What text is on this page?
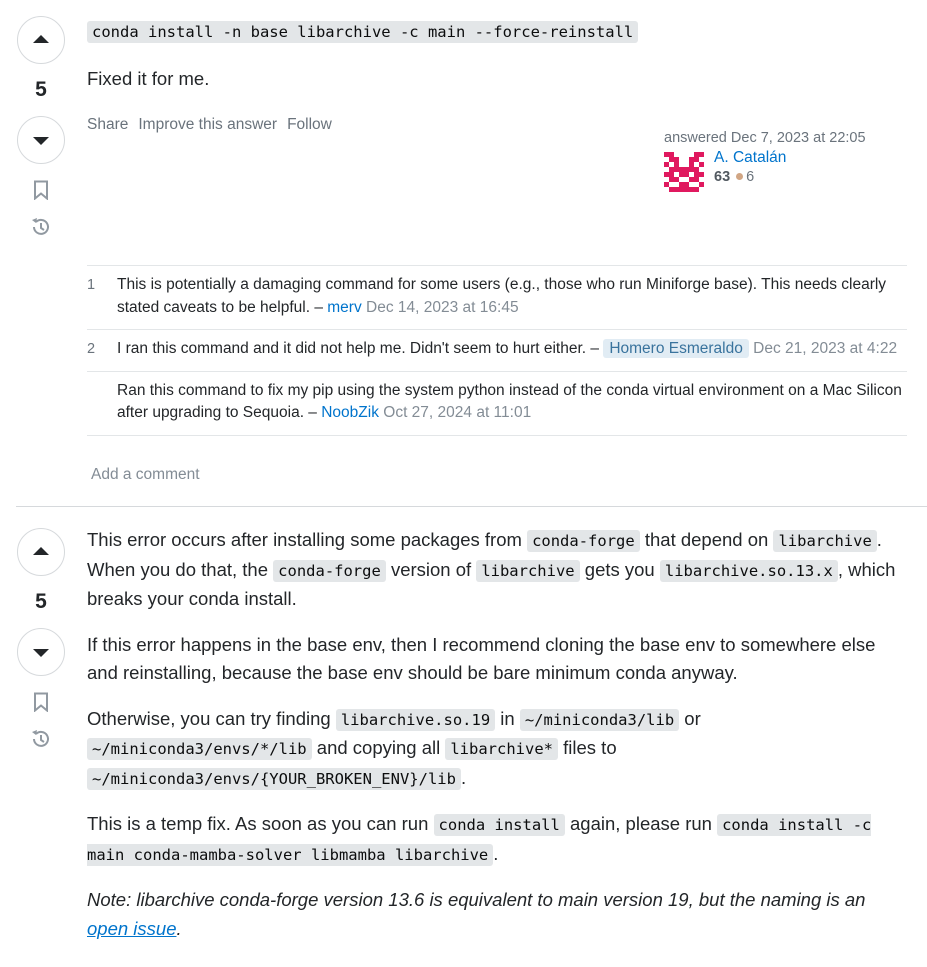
5

conda install -n base libarchive -c main --force-reinstall

Fixed it for me.

Share Improve this answer Follow
answered Dec 7, 2023 at 22:05
A. Catalán
63 6
1 This is potentially a damaging command for some users (e.g., those who run Miniforge base). This needs clearly stated caveats to be helpful. – merv Dec 14, 2023 at 16:45
2 I ran this command and it did not help me. Didn't seem to hurt either. – Homero Esmeraldo Dec 21, 2023 at 4:22
Ran this command to fix my pip using the system python instead of the conda virtual environment on a Mac Silicon after upgrading to Sequoia. – NoobZik Oct 27, 2024 at 11:01
Add a comment
5

This error occurs after installing some packages from conda-forge that depend on libarchive . When you do that, the conda-forge version of libarchive gets you libarchive.so.13.x , which breaks your conda install.

If this error happens in the base env, then I recommend cloning the base env to somewhere else and reinstalling, because the base env should be bare minimum conda anyway.

Otherwise, you can try finding libarchive.so.19 in ~/miniconda3/lib or ~/miniconda3/envs/*/lib and copying all libarchive* files to ~/miniconda3/envs/{YOUR_BROKEN_ENV}/lib .

This is a temp fix. As soon as you can run conda install again, please run conda install -c main conda-mamba-solver libmamba libarchive .

Note: libarchive conda-forge version 13.6 is equivalent to main version 19, but the naming is an open issue.
